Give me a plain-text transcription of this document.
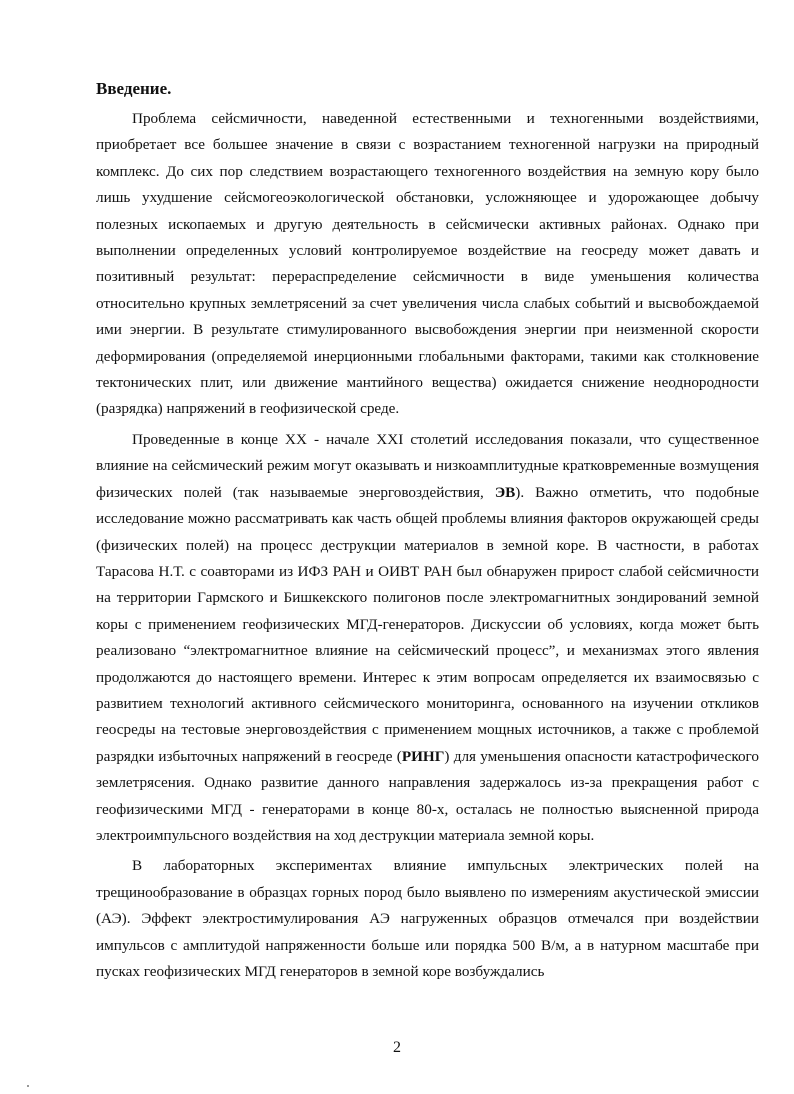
Введение.

Проблема сейсмичности, наведенной естественными и техногенными воздействиями, приобретает все большее значение в связи с возрастанием техногенной нагрузки на природный комплекс. До сих пор следствием возрастающего техногенного воздействия на земную кору было лишь ухудшение сейсмогеоэкологической обстановки, усложняющее и удорожающее добычу полезных ископаемых и другую деятельность в сейсмически активных районах. Однако при выполнении определенных условий контролируемое воздействие на геосреду может давать и позитивный результат: перераспределение сейсмичности в виде уменьшения количества относительно крупных землетрясений за счет увеличения числа слабых событий и высвобождаемой ими энергии. В результате стимулированного высвобождения энергии при неизменной скорости деформирования (определяемой инерционными глобальными факторами, такими как столкновение тектонических плит, или движение мантийного вещества) ожидается снижение неоднородности (разрядка) напряжений в геофизической среде.

Проведенные в конце XX - начале XXI столетий исследования показали, что существенное влияние на сейсмический режим могут оказывать и низкоамплитудные кратковременные возмущения физических полей (так называемые энерговоздействия, ЭВ). Важно отметить, что подобные исследование можно рассматривать как часть общей проблемы влияния факторов окружающей среды (физических полей) на процесс деструкции материалов в земной коре. В частности, в работах Тарасова Н.Т. с соавторами из ИФЗ РАН и ОИВТ РАН был обнаружен прирост слабой сейсмичности на территории Гармского и Бишкекского полигонов после электромагнитных зондирований земной коры с применением геофизических МГД-генераторов. Дискуссии об условиях, когда может быть реализовано “электромагнитное влияние на сейсмический процесс”, и механизмах этого явления продолжаются до настоящего времени. Интерес к этим вопросам определяется их взаимосвязью с развитием технологий активного сейсмического мониторинга, основанного на изучении откликов геосреды на тестовые энерговоздействия с применением мощных источников, а также с проблемой разрядки избыточных напряжений в геосреде (РИНГ) для уменьшения опасности катастрофического землетрясения. Однако развитие данного направления задержалось из-за прекращения работ с геофизическими МГД - генераторами в конце 80-х, осталась не полностью выясненной природа электроимпульсного воздействия на ход деструкции материала земной коры.

В лабораторных экспериментах влияние импульсных электрических полей на трещинообразование в образцах горных пород было выявлено по измерениям акустической эмиссии (АЭ). Эффект электростимулирования АЭ нагруженных образцов отмечался при воздействии импульсов с амплитудой напряженности больше или порядка 500 В/м, а в натурном масштабе при пусках геофизических МГД генераторов в земной коре возбуждались

2
